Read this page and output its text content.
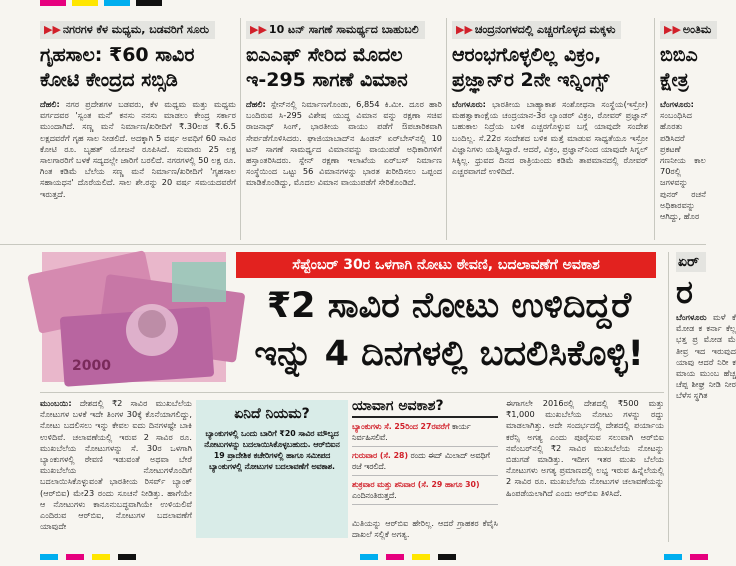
▶▶ ನಗರಗಳ ಕೆಳ ಮಧ್ಯಮ, ಬಡವರಿಗೆ ಸೂರು
ಗೃಹಸಾಲ: ₹60 ಸಾವಿರ ಕೋಟಿ ಕೇಂದ್ರದ ಸಬ್ಸಿಡಿ

ದೆಹಲಿ: ನಗರ ಪ್ರದೇಶಗಳ ಬಡವರು, ಕೆಳ ಮಧ್ಯಮ ಮತ್ತು ಮಧ್ಯಮ ವರ್ಗದವರ 'ಸ್ವಂತ ಮನೆ' ಕನಸು ನನಸು ಮಾಡಲು ಕೇಂದ್ರ ಸರ್ಕಾರ ಮುಂದಾಗಿದೆ. ಸಣ್ಣ ಮನೆ ನಿರ್ಮಾಣ/ಖರೀದಿಗೆ ₹.30ಲಡ ₹.6.5 ಲಕ್ಷದವರೆಗೆ ಗೃಹ ಸಾಲ ನೀಡಲಿದೆ. ಅದಕ್ಕಾಗಿ 5 ವರ್ಷ ಅವಧಿಗೆ 60 ಸಾವಿರ ಕೋಟಿ ರೂ. ಬೃಹತ್ ಯೋಜನೆ ರೂಪಿಸಿದೆ. ಸುಮಾರು 25 ಲಕ್ಷ ಸಾಲಗಾರರಿಗೆ ಬಳಕೆ ಸದ್ಯದಲ್ಲೇ ಜಾರಿಗೆ ಬರಲಿದೆ. ನಗರಗಳಲ್ಲಿ 50 ಲಕ್ಷ ರೂ. ಗಿಂತ ಕಡಿಮೆ ಬೆಲೆಯ ಸಣ್ಣ ಮನೆ ನಿರ್ಮಾಣ/ಖರೀದಿಗೆ 'ಗೃಹಸಾಲ ಸಹಾಯಧನ' ದೊರೆಯಲಿದೆ. ಸಾಲ ಶೇ.ರನ್ನು 20 ವರ್ಷ ಸಮಯದವರೆಗೆ ಇರುತ್ತದೆ.

▶▶ 10 ಟನ್ ಸಾಗಣೆ ಸಾಮರ್ಥ್ಯದ ಬಾಹುಬಲಿ
ಐಎಎಫ್ ಸೇರಿದ ಮೊದಲ ಇ-295 ಸಾಗಣೆ ವಿಮಾನ

ದೆಹಲಿ: ಸ್ಪೇನ್‌ನಲ್ಲಿ ನಿರ್ಮಾಣಗೊಂಡು, 6,854 ಕಿ.ಮೀ. ದೂರ ಹಾರಿ ಬಂದಿರುವ ಸಿ-295 ವಿಶೇಷ ಯುದ್ಧ ವಿಮಾನ ವನ್ನು ರಕ್ಷಣಾ ಸಚಿವ ರಾಜನಾಥ್ ಸಿಂಗ್, ಭಾರತೀಯ ವಾಯು ಪಡೆಗೆ ಔಪಚಾರಿಕವಾಗಿ ಸೇರ್ಪಡೆಗೊಳಿಸಿದರು. ಘಾಜಿಯಾಬಾದ್‌ನ ಹಿಂಡನ್ ಏರ್‌ಬೇಸ್‌ನಲ್ಲಿ 10 ಟನ್ ಸಾಗಣೆ ಸಾಮರ್ಥ್ಯದ ವಿಮಾನವನ್ನು ವಾಯುಪಡೆ ಅಧಿಕಾರಿಗಳಿಗೆ ಹಸ್ತಾಂತರಿಸಿದರು. ಸ್ಪೇನ್ ರಕ್ಷಣಾ ಇಲಾಖೆಯ ಏರ್‌ಬಸ್ ನಿರ್ಮಾಣ ಸಂಸ್ಥೆಯಿಂದ ಒಟ್ಟು 56 ವಿಮಾನಗಳನ್ನು ಭಾರತ ಖರೀದಿಸಲು ಒಪ್ಪಂದ ಮಾಡಿಕೊಂಡಿದ್ದು, ಮೊದಲ ವಿಮಾನ ವಾಯುಪಡೆಗೆ ಸೇರಿಕೊಂಡಿದೆ.

▶▶ ಚಂದ್ರನಂಗಳದಲ್ಲಿ ಎಚ್ಚರಗೊಳ್ಳದ ಮಕ್ಕಳು
ಆರಂಭಗೊಳ್ಳಲಿಲ್ಲ ವಿಕ್ರಂ, ಪ್ರಜ್ಞಾನ್‌ರ 2ನೇ ಇನ್ನಿಂಗ್ಸ್

ಬೆಂಗಳೂರು: ಭಾರತೀಯ ಬಾಹ್ಯಾಕಾಶ ಸಂಶೋಧನಾ ಸಂಸ್ಥೆಯ(ಇಸ್ರೋ) ಮಹತ್ವಾಕಾಂಕ್ಷೆಯ ಚಂದ್ರಯಾನ-3ರ ಲ್ಯಾಂಡರ್ ವಿಕ್ರಂ, ರೋವರ್ ಪ್ರಜ್ಞಾನ್ ಬಹುಕಾಲ ನಿದ್ರೆಯ ಬಳಿಕ ಎಚ್ಚರಗೊಳ್ಳುವ ಬಗ್ಗೆ ಯಾವುದೇ ಸಂದೇಶ ಬಂದಿಲ್ಲ. ಸೆ.22ರ ಸಂದೇಶದ ಬಳಿಕ ಮತ್ತೆ ಮಾಡುವ ಸಾಧ್ಯತೆಯೂ ಇಸ್ರೋ ವಿಜ್ಞಾನಿಗಳು ಯತ್ನಿಸಿದ್ದಾರೆ. ಆದರೆ, ವಿಕ್ರಂ, ಪ್ರಜ್ಞಾನ್‌ನಿಂದ ಯಾವುದೇ ಸಿಗ್ನಲ್ ಸಿಕ್ಕಿಲ್ಲ. ಧ್ರುವದ ದಿನದ ರಾತ್ರಿಯಂದು ಕಡಿಮೆ ತಾಪಮಾನದಲ್ಲಿ ರೋವರ್ ಎಚ್ಚರವಾಗದೆ ಉಳಿದಿದೆ.

▶▶ ಅಂತಿಮ
ಬಿಬಿಎ ಕ್ಷೇತ್ರ

ಬೆಂಗಳೂರು: ಸಂಬಂಧಿಸಿದ ಹೊರತು ಪಡಿಸಿದರೆ ಪ್ರಕಟಣೆ ಗಣನೀಯ ಕಾಲ 70ರಲ್ಲಿ ಜಗಳವನ್ನು ಪುನರ್ ರಚನೆ ಅಧಿಕಾರವನ್ನು ಆಗಿದ್ದು, ಹೊರ

2000
ಸೆಪ್ಟೆಂಬರ್ 30ರ ಒಳಗಾಗಿ ನೋಟು ಠೇವಣಿ, ಬದಲಾವಣೆಗೆ ಅವಕಾಶ
₹2 ಸಾವಿರ ನೋಟು ಉಳಿದಿದ್ದರೆ
ಇನ್ನು 4 ದಿನಗಳಲ್ಲಿ ಬದಲಿಸಿಕೊಳ್ಳಿ!
ಏರ್
ರ

ಬೆಂಗಳೂರು ಮಳೆ ಕೆ ಮೋಡ ಕ ಕರ್ನಾ ಕೆಲ್ಲ ಭತ್ತ ಪ್ರ ಮೋಡ ಮೆ ತೀವ್ರ ಇದ ಇರುವುದ ಯಾವು ಆದರೆ ನಿರೀ ಕ ಮಾಯ ಮುಂಬ ಹೆಚ್ಚ ಚೆಪ್ಪ ಶೀಘ್ರ ನೀಡಿ ನೀರ ಬೆಳೆಸ ಸ್ಥಗಿತ

ಮುಂಬಯಿ: ದೇಶದಲ್ಲಿ ₹2 ಸಾವಿರ ಮುಖಬೆಲೆಯ ನೋಟುಗಳ ಬಳಕೆ ಇದೇ ತಿಂಗಳ 30ಕ್ಕೆ ಕೊನೆಯಾಗಲಿದ್ದು, ನೋಟು ಬದಲಿಸಲು ಇನ್ನು ಕೇವಲ ಐದು ದಿನಗಳಷ್ಟೇ ಬಾಕಿ ಉಳಿದಿವೆ. ಚಲಾವಣೆಯಲ್ಲಿ ಇರುವ 2 ಸಾವಿರ ರೂ. ಮುಖಬೆಲೆಯ ನೋಟುಗಳನ್ನು ಸೆ. 30ರ ಒಳಗಾಗಿ ಬ್ಯಾಂಕುಗಳಲ್ಲಿ ಠೇವಣಿ ಇಡುವಂತೆ ಅಥವಾ ಬೇರೆ ಮುಖಬೆಲೆಯ ನೋಟುಗಳೊಂದಿಗೆ ಬದಲಾಯಿಸಿಕೊಳ್ಳುವಂತೆ ಭಾರತೀಯ ರಿಸರ್ವ್ ಬ್ಯಾಂಕ್ (ಆರ್‌ಬಿಐ) ಮೇ23 ರಂದು ಸೂಚನೆ ನೀಡಿತ್ತು. ಹಾಗೆಯೇ ಆ ನೋಟುಗಳು ಕಾನೂನುಬದ್ಧವಾಗಿಯೇ ಉಳಿಯಲಿವೆ ಎಂದಿರುವ ಆರ್‌ಬಿಐ, ನೋಟುಗಳ ಬದಲಾವಣೆಗೆ ಯಾವುದೇ

ಏನಿದೆ ನಿಯಮ?

ಬ್ಯಾಂಕುಗಳಲ್ಲಿ ಒಂದು ಬಾರಿಗೆ ₹20 ಸಾವಿರ ಮೌಲ್ಯದ ನೋಟುಗಳನ್ನು ಬದಲಾಯಿಸಿಕೊಳ್ಳಬಹುದು. ಆರ್‌ಬಿಐನ 19 ಪ್ರಾದೇಶಿಕ ಕಚೇರಿಗಳಲ್ಲಿ ಹಾಗೂ ಸಮೀಪದ ಬ್ಯಾಂಕುಗಳಲ್ಲಿ ನೋಟುಗಳ ಬದಲಾವಣೆಗೆ ಅವಕಾಶ.

ಯಾವಾಗ ಅವಕಾಶ?
ಬ್ಯಾಂಕುಗಳು ಸೆ. 25ರಿಂದ 27ರವರೆಗೆ ಕಾರ್ಯ ನಿರ್ವಹಿಸಲಿವೆ.
ಗುರುವಾರ (ಸೆ. 28) ರಂದು ಈದ್ ಮಿಲಾದ್ ಅವಧಿಗೆ ರಜೆ ಇರಲಿದೆ.
ಶುಕ್ರವಾರ ಮತ್ತು ಶನಿವಾರ (ಸೆ. 29 ಹಾಗೂ 30) ಎಂದಿನಂತಿರುತ್ತದೆ.

ಮಿತಿಯನ್ನು ಆರ್‌ಬಿಐ ಹೇರಿಲ್ಲ. ಆದರೆ ಗ್ರಾಹಕರ ಕೆವೈಸಿ ದಾಖಲೆ ಸಲ್ಲಿಕೆ ಅಗತ್ಯ.

ಈಗಾಗಲೇ 2016ರಲ್ಲಿ ದೇಶದಲ್ಲಿ ₹500 ಮತ್ತು ₹1,000 ಮುಖಬೆಲೆಯ ನೋಟು ಗಳನ್ನು ರದ್ದು ಮಾಡಲಾಗಿತ್ತು. ಅದೇ ಸಂದರ್ಭದಲ್ಲಿ ದೇಶದಲ್ಲಿ ಪರ್ಯಾಯ ಕರೆನ್ಸಿ ಅಗತ್ಯ ಎಂದು ಪೂರೈಸುವ ಸಲುವಾಗಿ ಆರ್‌ಬಿಐ ನವೆಂಬರ್‌ನಲ್ಲಿ ₹2 ಸಾವಿರ ಮುಖಬೆಲೆಯ ನೋಟನ್ನು ಬಿಡುಗಡೆ ಮಾಡಿತ್ತು. ಇದೀಗ ಇತರ ಮುಖ ಬೆಲೆಯ ನೋಟುಗಳು ಅಗತ್ಯ ಪ್ರಮಾಣದಲ್ಲಿ ಲಭ್ಯ ಇರುವ ಹಿನ್ನೆಲೆಯಲ್ಲಿ 2 ಸಾವಿರ ರೂ. ಮುಖಬೆಲೆಯ ನೋಟುಗಳ ಚಲಾವಣೆಯನ್ನು ಹಿಂಪಡೆಯಲಾಗಿದೆ ಎಂದು ಆರ್‌ಬಿಐ ತಿಳಿಸಿದೆ.
